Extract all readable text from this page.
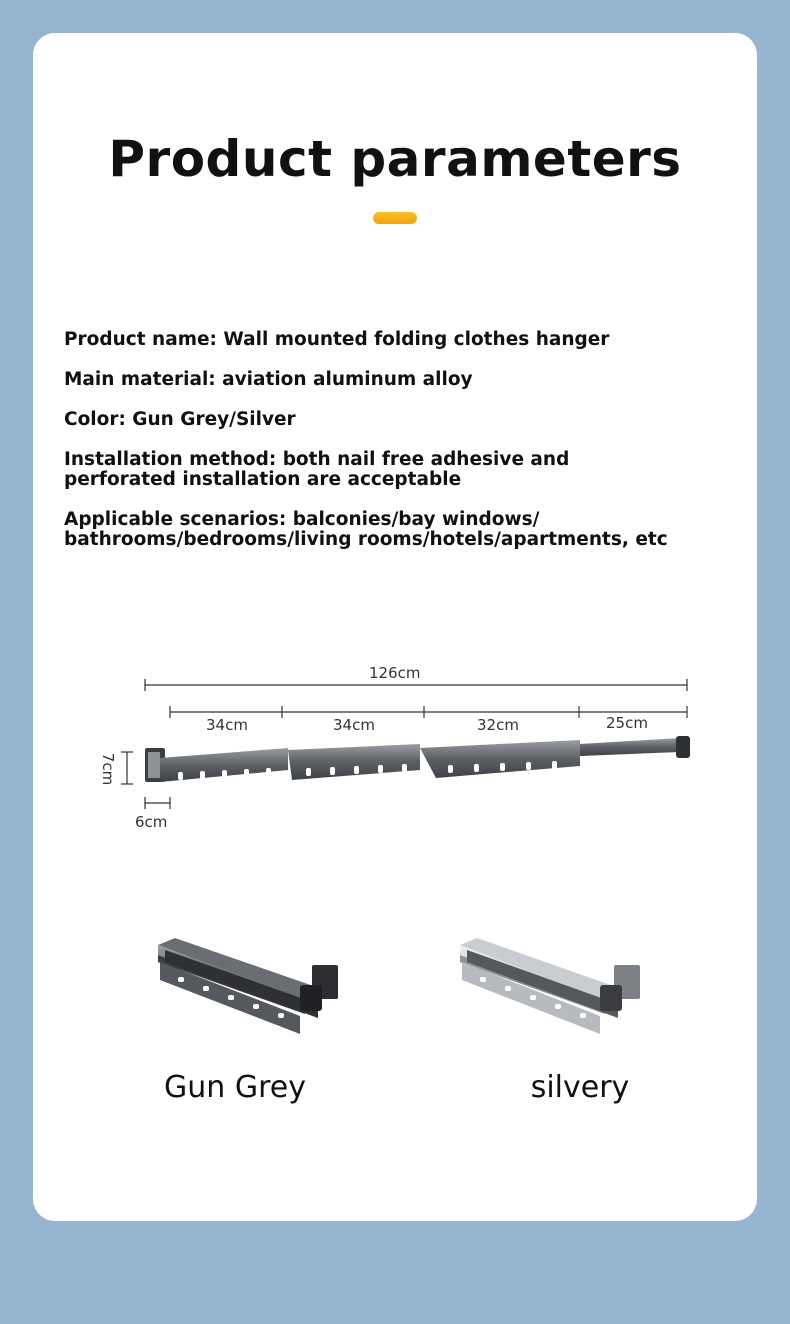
Product parameters

Product name: Wall mounted folding clothes hanger

Main material: aviation aluminum alloy

Color: Gun Grey/Silver

Installation method: both nail free adhesive and

perforated installation are acceptable

Applicable scenarios: balconies/bay windows/

bathrooms/bedrooms/living rooms/hotels/apartments, etc

126cm
34cm	34cm	32cm	25cm
7cm
6cm
Gun Grey	silvery
